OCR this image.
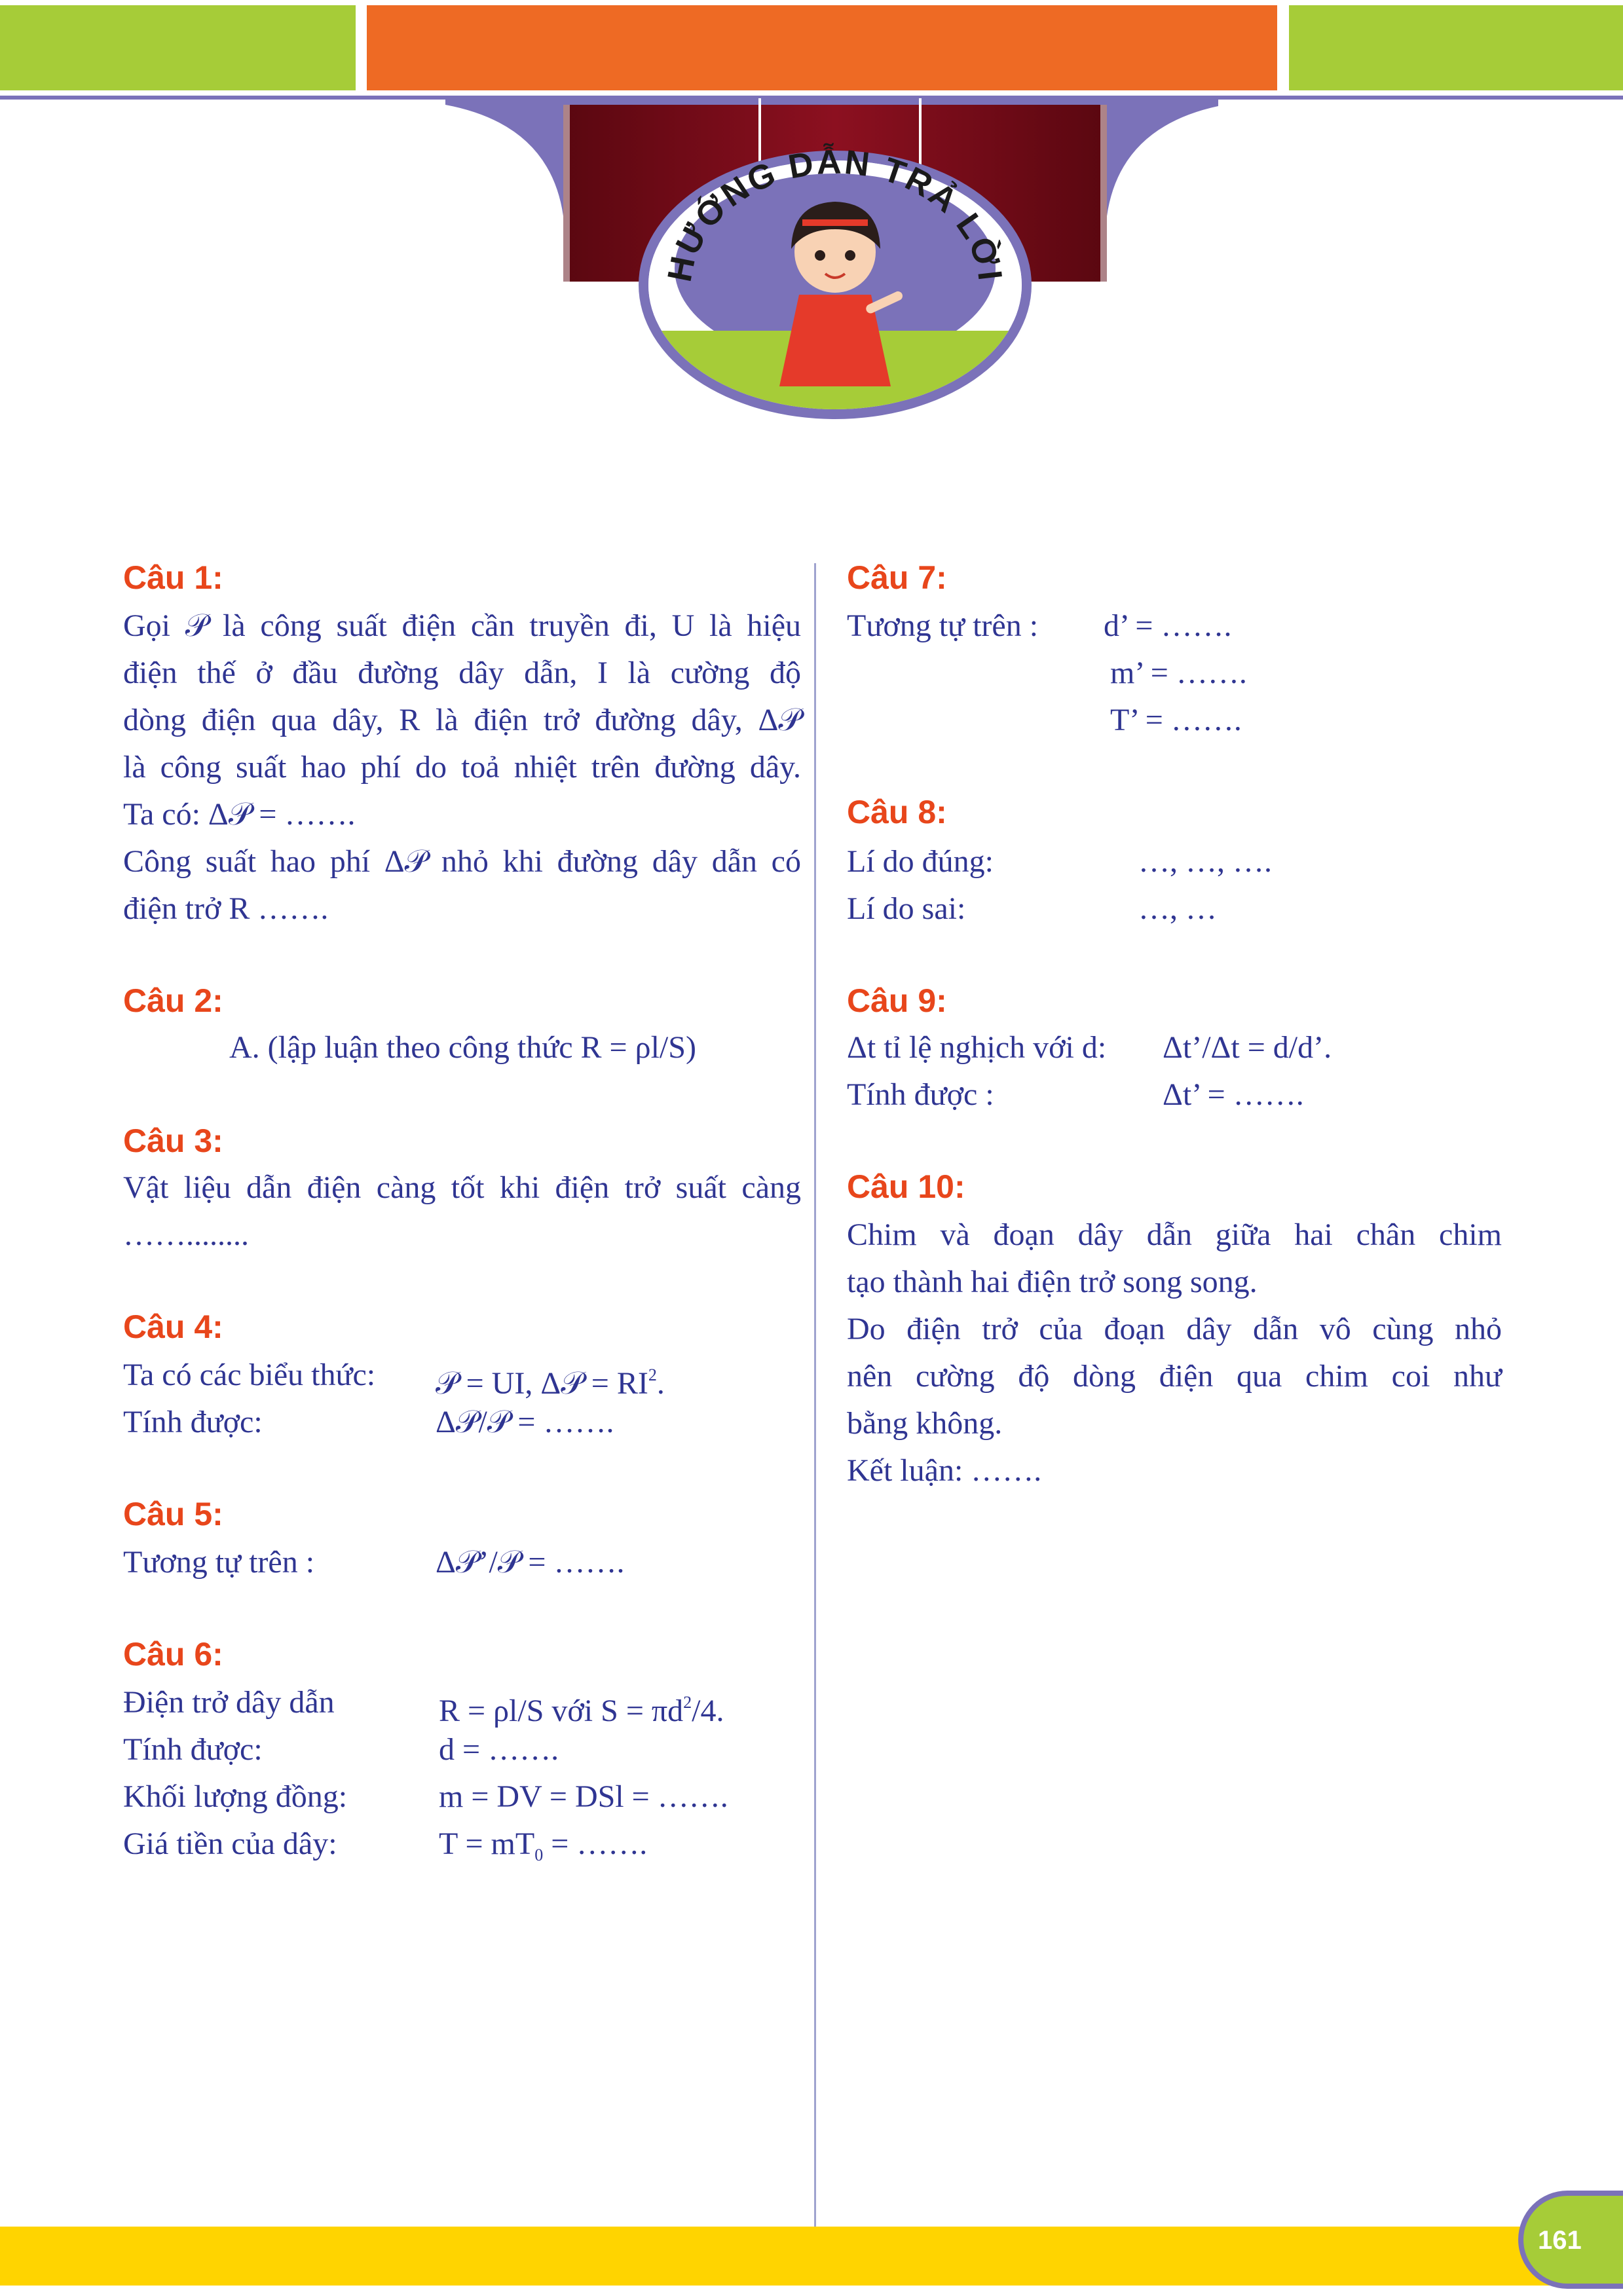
HƯỚNG DẪN TRẢ LỜI
Câu 1:
Gọi 𝒫 là công suất điện cần truyền đi, U là hiệu
điện thế ở đầu đường dây dẫn, I là cường độ
dòng điện qua dây, R là điện trở đường dây, Δ𝒫
là công suất hao phí do toả nhiệt trên đường dây.
Ta có: Δ𝒫 = …….
Công suất hao phí Δ𝒫 nhỏ khi đường dây dẫn có
điện trở R …….
Câu 2:
A. (lập luận theo công thức R = ρl/S)
Câu 3:
Vật liệu dẫn điện càng tốt khi điện trở suất càng
……........
Câu 4:
Ta có các biểu thức: 𝒫 = UI, Δ𝒫 = $RI^2$.
Tính được:	Δ𝒫/𝒫 = …….
Câu 5:
Tương tự trên :	Δ𝒫’/𝒫 = …….
Câu 6:
Điện trở dây dẫn	R = ρl/S với $S = \pi d^2/4$.
Tính được:	d = …….
Khối lượng đồng:	m = DV = DSl = …….
Giá tiền của dây:	$T = mT_0$ = …….
Câu 7:
Tương tự trên : d’ = …….
m’ = …….
T’ = …….
Câu 8:
Lí do đúng:	…, …, ….
Lí do sai:	…, …
Câu 9:
Δt tỉ lệ nghịch với d: Δt’/Δt = d/d’.
Tính được :	Δt’ = …….
Câu 10:
Chim và đoạn dây dẫn giữa hai chân chim
tạo thành hai điện trở song song.
Do điện trở của đoạn dây dẫn vô cùng nhỏ
nên cường độ dòng điện qua chim coi như
bằng không.
Kết luận: …….
161
